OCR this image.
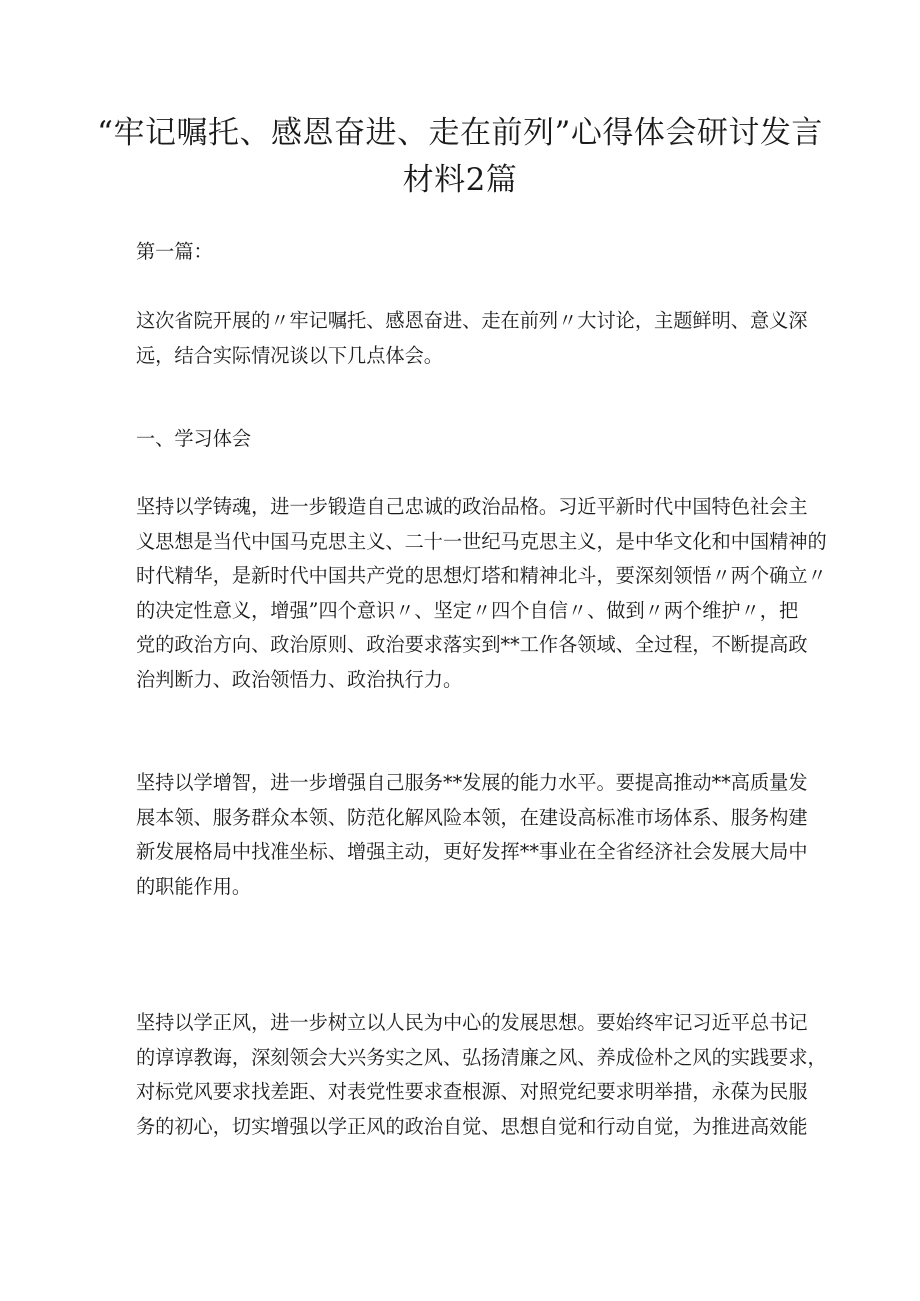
“牢记嘱托、感恩奋进、走在前列”心得体会研讨发言
材料2篇

第一篇：

这次省院开展的〃牢记嘱托、感恩奋进、走在前列〃大讨论，主题鲜明、意义深
远，结合实际情况谈以下几点体会。

一、学习体会

坚持以学铸魂，进一步锻造自己忠诚的政治品格。习近平新时代中国特色社会主
义思想是当代中国马克思主义、二十一世纪马克思主义，是中华文化和中国精神的
时代精华，是新时代中国共产党的思想灯塔和精神北斗，要深刻领悟〃两个确立〃
的决定性意义，增强”四个意识〃、坚定〃四个自信〃、做到〃两个维护〃，把
党的政治方向、政治原则、政治要求落实到**工作各领域、全过程，不断提高政
治判断力、政治领悟力、政治执行力。
坚持以学增智，进一步增强自己服务**发展的能力水平。要提高推动**高质量发
展本领、服务群众本领、防范化解风险本领，在建设高标准市场体系、服务构建
新发展格局中找准坐标、增强主动，更好发挥**事业在全省经济社会发展大局中
的职能作用。
坚持以学正风，进一步树立以人民为中心的发展思想。要始终牢记习近平总书记
的谆谆教诲，深刻领会大兴务实之风、弘扬清廉之风、养成俭朴之风的实践要求，
对标党风要求找差距、对表党性要求查根源、对照党纪要求明举措，永葆为民服
务的初心，切实增强以学正风的政治自觉、思想自觉和行动自觉，为推进高效能
